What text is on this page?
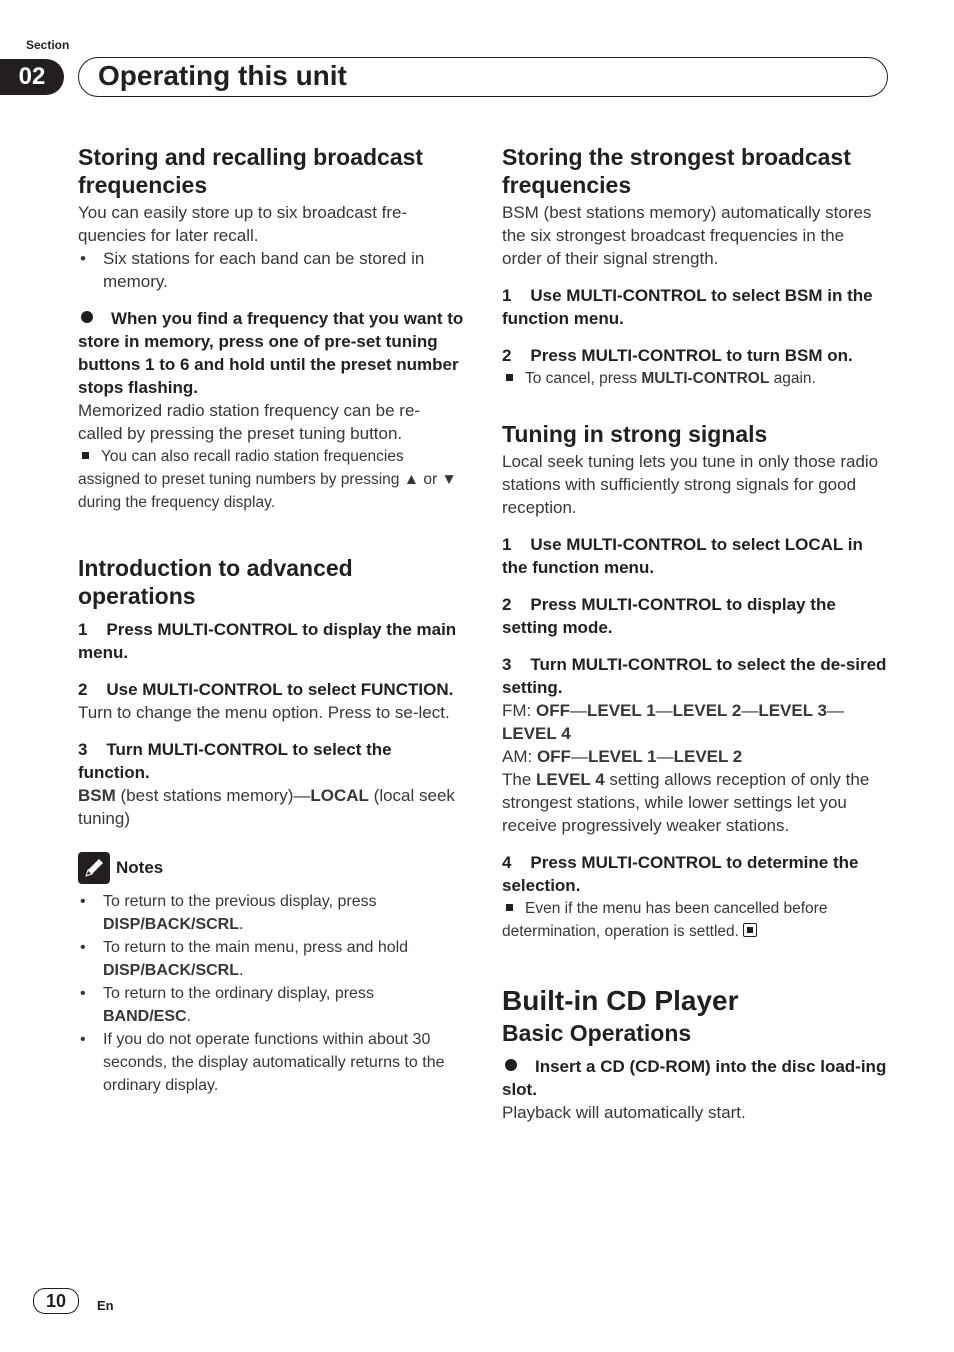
Section
02	Operating this unit
Storing and recalling broadcast frequencies

You can easily store up to six broadcast fre-quencies for later recall.

• Six stations for each band can be stored in memory.

When you find a frequency that you want to store in memory, press one of pre-set tuning buttons 1 to 6 and hold until the preset number stops flashing.

Memorized radio station frequency can be re-called by pressing the preset tuning button.

You can also recall radio station frequencies assigned to preset tuning numbers by pressing ▲ or ▼ during the frequency display.

Introduction to advanced operations

1 Press MULTI-CONTROL to display the main menu.

2 Use MULTI-CONTROL to select FUNCTION.

Turn to change the menu option. Press to se-lect.

3 Turn MULTI-CONTROL to select the function.

BSM (best stations memory)—LOCAL (local seek tuning)

Notes
• To return to the previous display, press DISP/BACK/SCRL.
• To return to the main menu, press and hold DISP/BACK/SCRL.
• To return to the ordinary display, press BAND/ESC.
• If you do not operate functions within about 30 seconds, the display automatically returns to the ordinary display.
Storing the strongest broadcast frequencies

BSM (best stations memory) automatically stores the six strongest broadcast frequencies in the order of their signal strength.

1 Use MULTI-CONTROL to select BSM in the function menu.

2 Press MULTI-CONTROL to turn BSM on.

To cancel, press MULTI-CONTROL again.

Tuning in strong signals

Local seek tuning lets you tune in only those radio stations with sufficiently strong signals for good reception.

1 Use MULTI-CONTROL to select LOCAL in the function menu.

2 Press MULTI-CONTROL to display the setting mode.

3 Turn MULTI-CONTROL to select the de-sired setting.

FM: OFF—LEVEL 1—LEVEL 2—LEVEL 3—LEVEL 4

AM: OFF—LEVEL 1—LEVEL 2

The LEVEL 4 setting allows reception of only the strongest stations, while lower settings let you receive progressively weaker stations.

4 Press MULTI-CONTROL to determine the selection.

Even if the menu has been cancelled before determination, operation is settled.

Built-in CD Player
Basic Operations

Insert a CD (CD-ROM) into the disc load-ing slot.

Playback will automatically start.

10	En
